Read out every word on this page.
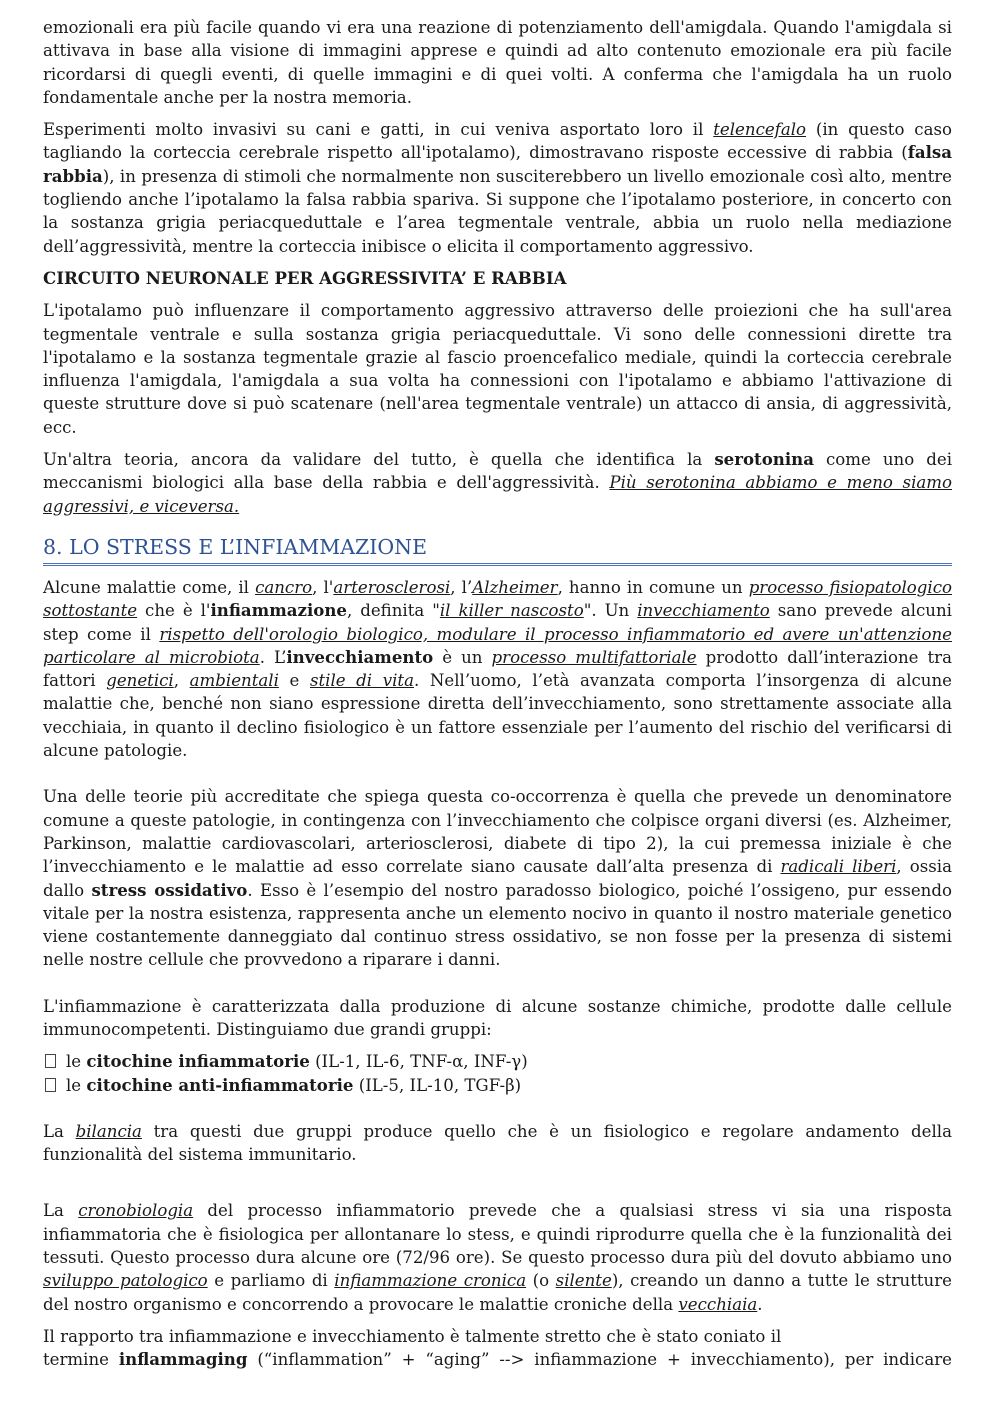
emozionali era più facile quando vi era una reazione di potenziamento dell'amigdala. Quando l'amigdala si attivava in base alla visione di immagini apprese e quindi ad alto contenuto emozionale era più facile ricordarsi di quegli eventi, di quelle immagini e di quei volti. A conferma che l'amigdala ha un ruolo fondamentale anche per la nostra memoria.

Esperimenti molto invasivi su cani e gatti, in cui veniva asportato loro il telencefalo (in questo caso tagliando la corteccia cerebrale rispetto all'ipotalamo), dimostravano risposte eccessive di rabbia (falsa rabbia), in presenza di stimoli che normalmente non susciterebbero un livello emozionale così alto, mentre togliendo anche l’ipotalamo la falsa rabbia spariva. Si suppone che l’ipotalamo posteriore, in concerto con la sostanza grigia periacqueduttale e l’area tegmentale ventrale, abbia un ruolo nella mediazione dell’aggressività, mentre la corteccia inibisce o elicita il comportamento aggressivo.

CIRCUITO NEURONALE PER AGGRESSIVITA’ E RABBIA

L'ipotalamo può influenzare il comportamento aggressivo attraverso delle proiezioni che ha sull'area tegmentale ventrale e sulla sostanza grigia periacqueduttale. Vi sono delle connessioni dirette tra l'ipotalamo e la sostanza tegmentale grazie al fascio proencefalico mediale, quindi la corteccia cerebrale influenza l'amigdala, l'amigdala a sua volta ha connessioni con l'ipotalamo e abbiamo l'attivazione di queste strutture dove si può scatenare (nell'area tegmentale ventrale) un attacco di ansia, di aggressività, ecc.

Un'altra teoria, ancora da validare del tutto, è quella che identifica la serotonina come uno dei meccanismi biologici alla base della rabbia e dell'aggressività. Più serotonina abbiamo e meno siamo aggressivi, e viceversa.

8. LO STRESS E L’INFIAMMAZIONE

Alcune malattie come, il cancro, l'arterosclerosi, l’Alzheimer, hanno in comune un processo fisiopatologico sottostante che è l'infiammazione, definita "il killer nascosto". Un invecchiamento sano prevede alcuni step come il rispetto dell'orologio biologico, modulare il processo infiammatorio ed avere un'attenzione particolare al microbiota. L’invecchiamento è un processo multifattoriale prodotto dall’interazione tra fattori genetici, ambientali e stile di vita. Nell’uomo, l’età avanzata comporta l’insorgenza di alcune malattie che, benché non siano espressione diretta dell’invecchiamento, sono strettamente associate alla vecchiaia, in quanto il declino fisiologico è un fattore essenziale per l’aumento del rischio del verificarsi di alcune patologie.

Una delle teorie più accreditate che spiega questa co-occorrenza è quella che prevede un denominatore comune a queste patologie, in contingenza con l’invecchiamento che colpisce organi diversi (es. Alzheimer, Parkinson, malattie cardiovascolari, arteriosclerosi, diabete di tipo 2), la cui premessa iniziale è che l’invecchiamento e le malattie ad esso correlate siano causate dall’alta presenza di radicali liberi, ossia dallo stress ossidativo. Esso è l’esempio del nostro paradosso biologico, poiché l’ossigeno, pur essendo vitale per la nostra esistenza, rappresenta anche un elemento nocivo in quanto il nostro materiale genetico viene costantemente danneggiato dal continuo stress ossidativo, se non fosse per la presenza di sistemi nelle nostre cellule che provvedono a riparare i danni.

L'infiammazione è caratterizzata dalla produzione di alcune sostanze chimiche, prodotte dalle cellule immunocompetenti. Distinguiamo due grandi gruppi:

le citochine infiammatorie (IL-1, IL-6, TNF-α, INF-γ)
le citochine anti-infiammatorie (IL-5, IL-10, TGF-β)

La bilancia tra questi due gruppi produce quello che è un fisiologico e regolare andamento della funzionalità del sistema immunitario.

La cronobiologia del processo infiammatorio prevede che a qualsiasi stress vi sia una risposta infiammatoria che è fisiologica per allontanare lo stess, e quindi riprodurre quella che è la funzionalità dei tessuti. Questo processo dura alcune ore (72/96 ore). Se questo processo dura più del dovuto abbiamo uno sviluppo patologico e parliamo di infiammazione cronica (o silente), creando un danno a tutte le strutture del nostro organismo e concorrendo a provocare le malattie croniche della vecchiaia.

Il rapporto tra infiammazione e invecchiamento è talmente stretto che è stato coniato il
termine inflammaging (“inflammation” + “aging” --> infiammazione + invecchiamento), per indicare
